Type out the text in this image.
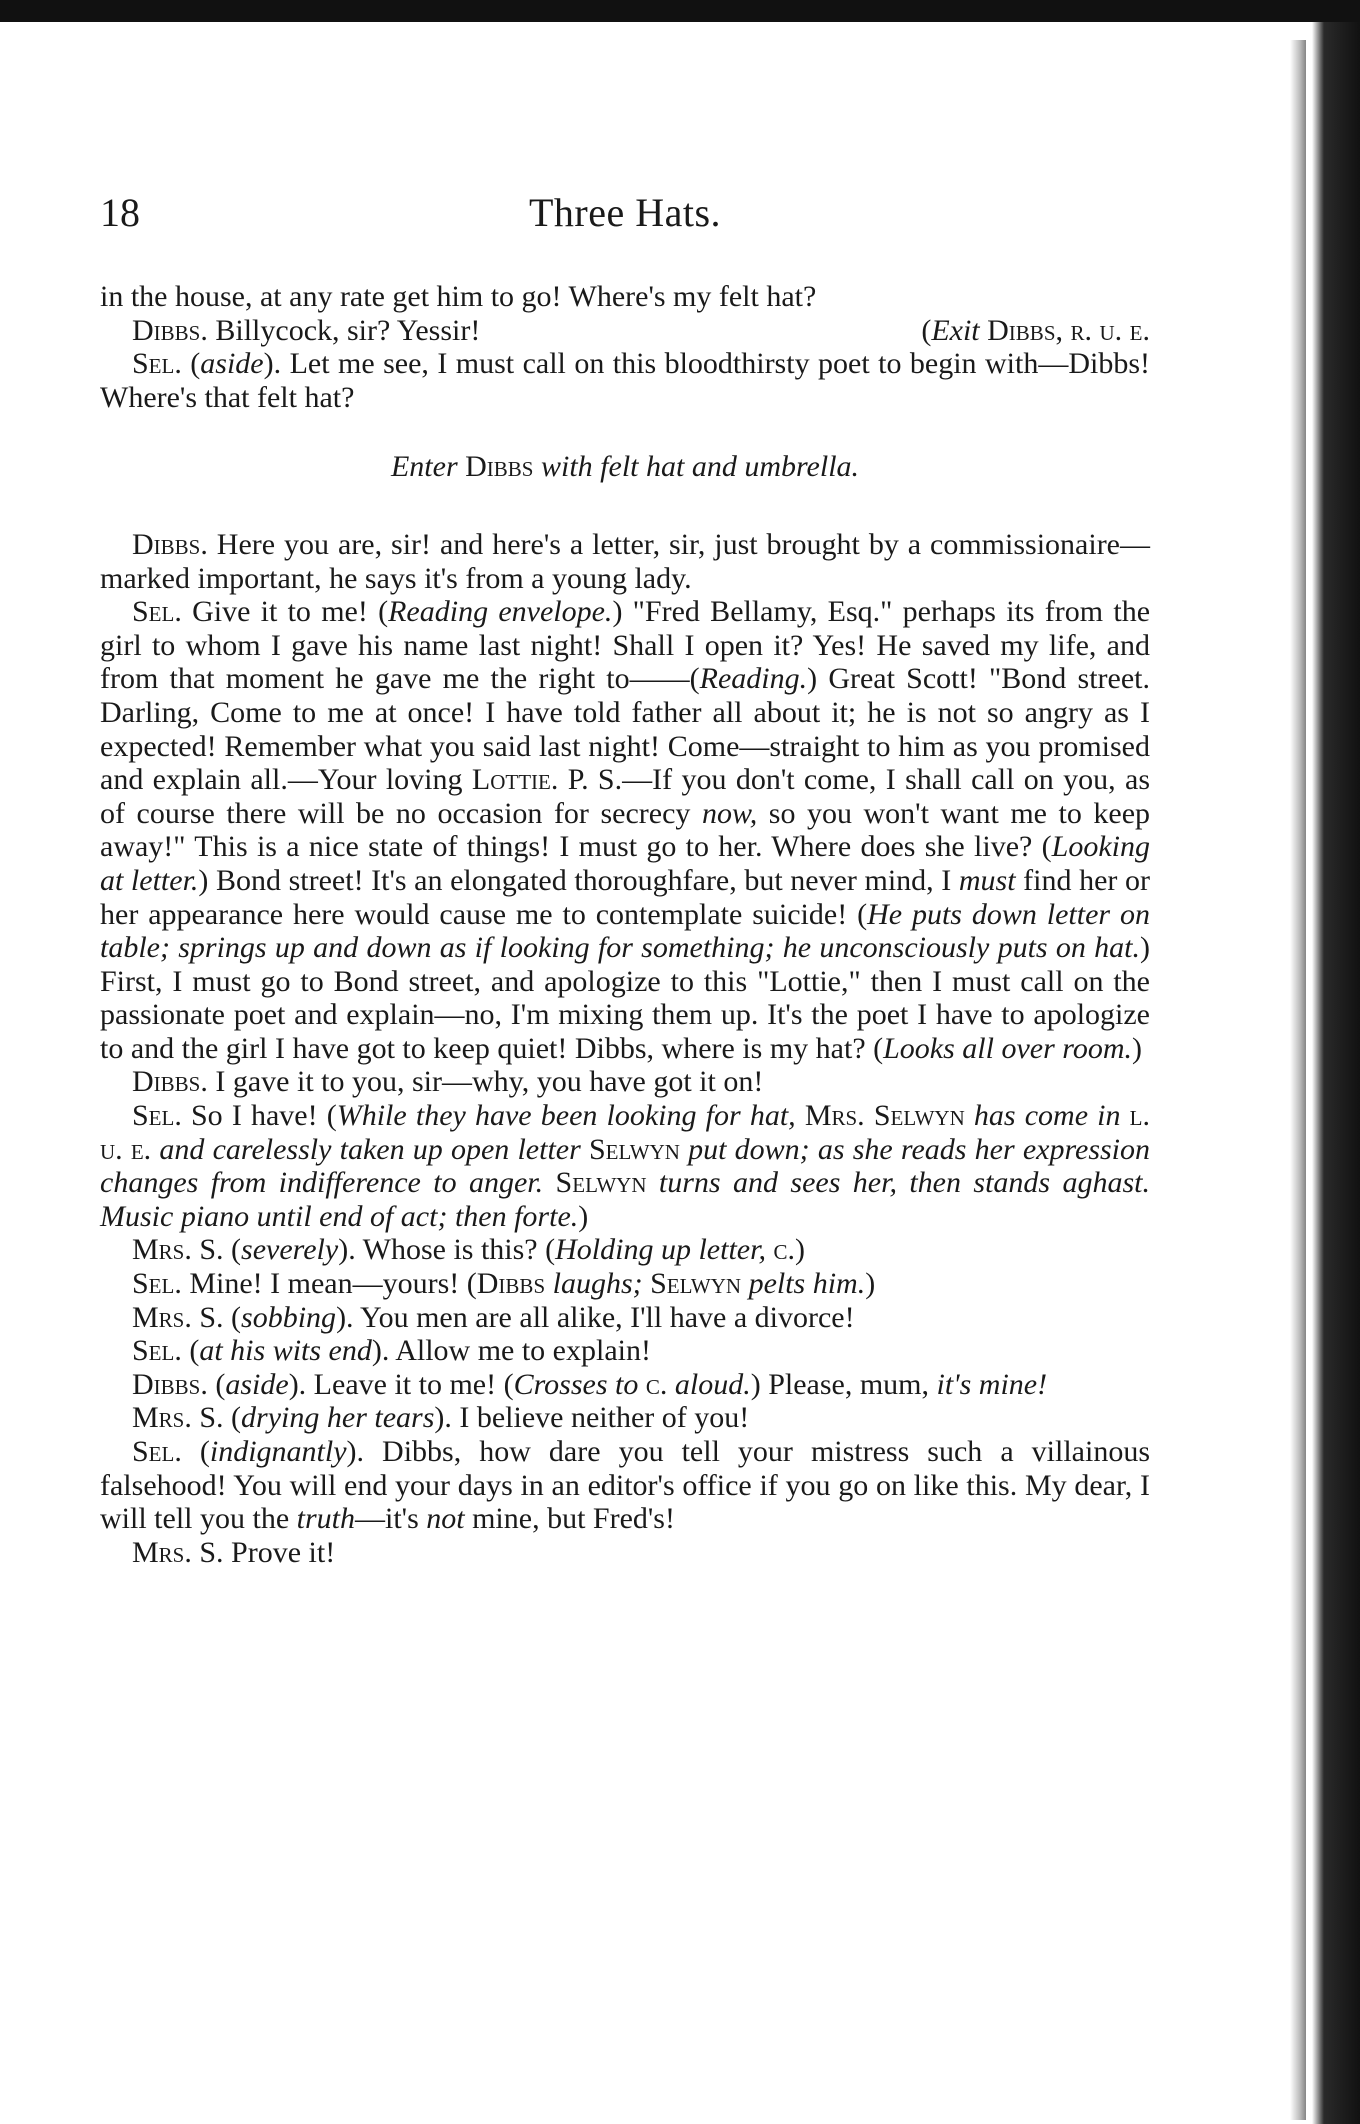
18	Three Hats.

in the house, at any rate get him to go! Where's my felt hat?

Dibbs. Billycock, sir? Yessir!	(Exit Dibbs, r. u. e.

Sel. (aside). Let me see, I must call on this bloodthirsty poet to begin with—Dibbs! Where's that felt hat?

Enter Dibbs with felt hat and umbrella.

Dibbs. Here you are, sir! and here's a letter, sir, just brought by a commissionaire—marked important, he says it's from a young lady.

Sel. Give it to me! (Reading envelope.) "Fred Bellamy, Esq." perhaps its from the girl to whom I gave his name last night! Shall I open it? Yes! He saved my life, and from that moment he gave me the right to——(Reading.) Great Scott! "Bond street. Darling, Come to me at once! I have told father all about it; he is not so angry as I expected! Remember what you said last night! Come—straight to him as you promised and explain all.—Your loving Lottie. P. S.—If you don't come, I shall call on you, as of course there will be no occasion for secrecy now, so you won't want me to keep away!" This is a nice state of things! I must go to her. Where does she live? (Looking at letter.) Bond street! It's an elongated thoroughfare, but never mind, I must find her or her appearance here would cause me to contemplate suicide! (He puts down letter on table; springs up and down as if looking for something; he unconsciously puts on hat.) First, I must go to Bond street, and apologize to this "Lottie," then I must call on the passionate poet and explain—no, I'm mixing them up. It's the poet I have to apologize to and the girl I have got to keep quiet! Dibbs, where is my hat? (Looks all over room.)

Dibbs. I gave it to you, sir—why, you have got it on!

Sel. So I have! (While they have been looking for hat, Mrs. Selwyn has come in l. u. e. and carelessly taken up open letter Selwyn put down; as she reads her expression changes from indifference to anger. Selwyn turns and sees her, then stands aghast. Music piano until end of act; then forte.)

Mrs. S. (severely). Whose is this? (Holding up letter, c.)

Sel. Mine! I mean—yours! (Dibbs laughs; Selwyn pelts him.)

Mrs. S. (sobbing). You men are all alike, I'll have a divorce!

Sel. (at his wits end). Allow me to explain!

Dibbs. (aside). Leave it to me! (Crosses to c. aloud.) Please, mum, it's mine!

Mrs. S. (drying her tears). I believe neither of you!

Sel. (indignantly). Dibbs, how dare you tell your mistress such a villainous falsehood! You will end your days in an editor's office if you go on like this. My dear, I will tell you the truth—it's not mine, but Fred's!

Mrs. S. Prove it!
